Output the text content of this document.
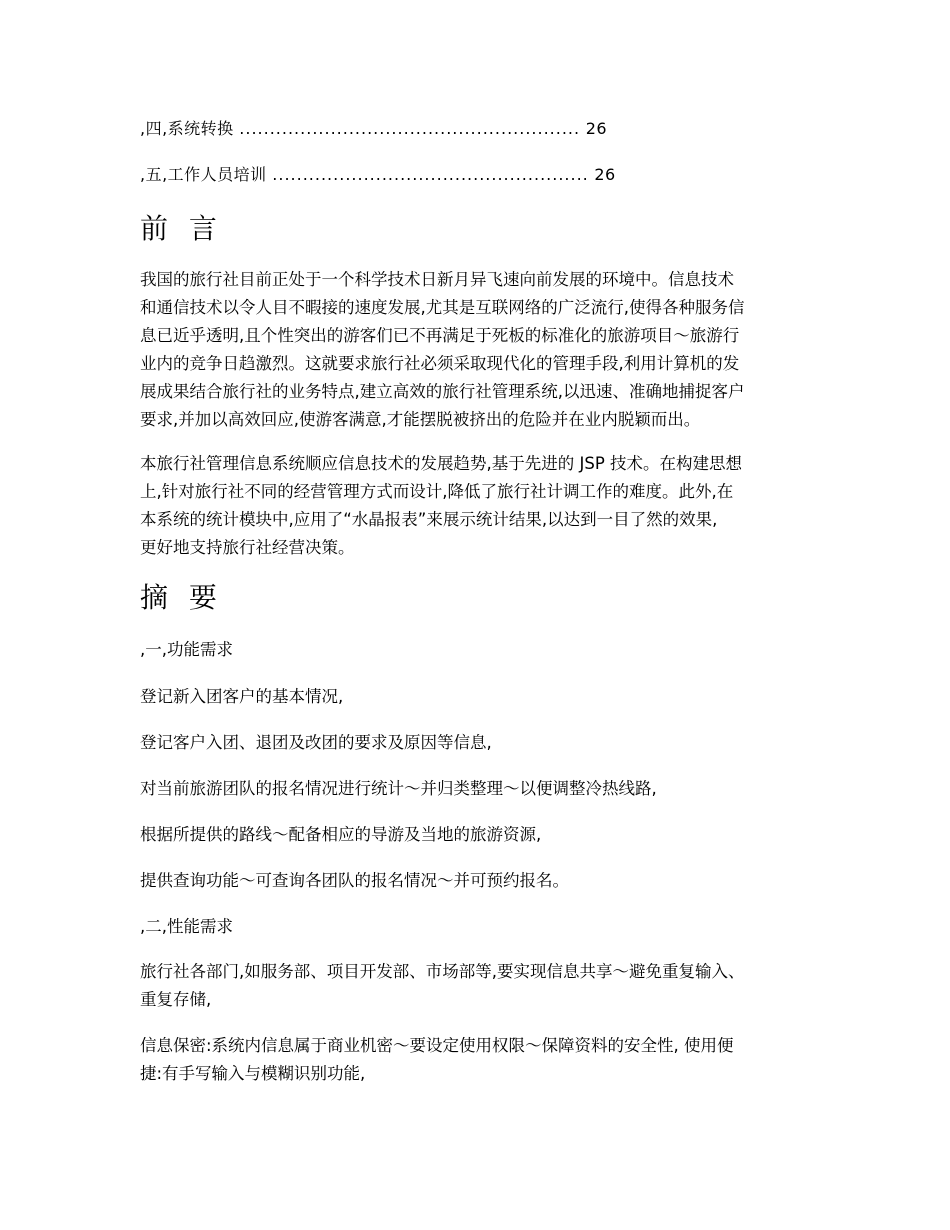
,四,系统转换 ........................................................ 26
,五,工作人员培训 .................................................... 26
前 言

我国的旅行社目前正处于一个科学技术日新月异飞速向前发展的环境中。信息技术
和通信技术以令人目不暇接的速度发展,尤其是互联网络的广泛流行,使得各种服务信
息已近乎透明,且个性突出的游客们已不再满足于死板的标准化的旅游项目～旅游行
业内的竞争日趋激烈。这就要求旅行社必须采取现代化的管理手段,利用计算机的发
展成果结合旅行社的业务特点,建立高效的旅行社管理系统,以迅速、准确地捕捉客户
要求,并加以高效回应,使游客满意,才能摆脱被挤出的危险并在业内脱颖而出。

本旅行社管理信息系统顺应信息技术的发展趋势,基于先进的 JSP 技术。在构建思想
上,针对旅行社不同的经营管理方式而设计,降低了旅行社计调工作的难度。此外,在
本系统的统计模块中,应用了“水晶报表”来展示统计结果,以达到一目了然的效果,
更好地支持旅行社经营决策。

摘 要
,一,功能需求
登记新入团客户的基本情况,
登记客户入团、退团及改团的要求及原因等信息,
对当前旅游团队的报名情况进行统计～并归类整理～以便调整冷热线路,
根据所提供的路线～配备相应的导游及当地的旅游资源,
提供查询功能～可查询各团队的报名情况～并可预约报名。
,二,性能需求

旅行社各部门,如服务部、项目开发部、市场部等,要实现信息共享～避免重复输入、
重复存储,

信息保密:系统内信息属于商业机密～要设定使用权限～保障资料的安全性, 使用便
捷:有手写输入与模糊识别功能,
